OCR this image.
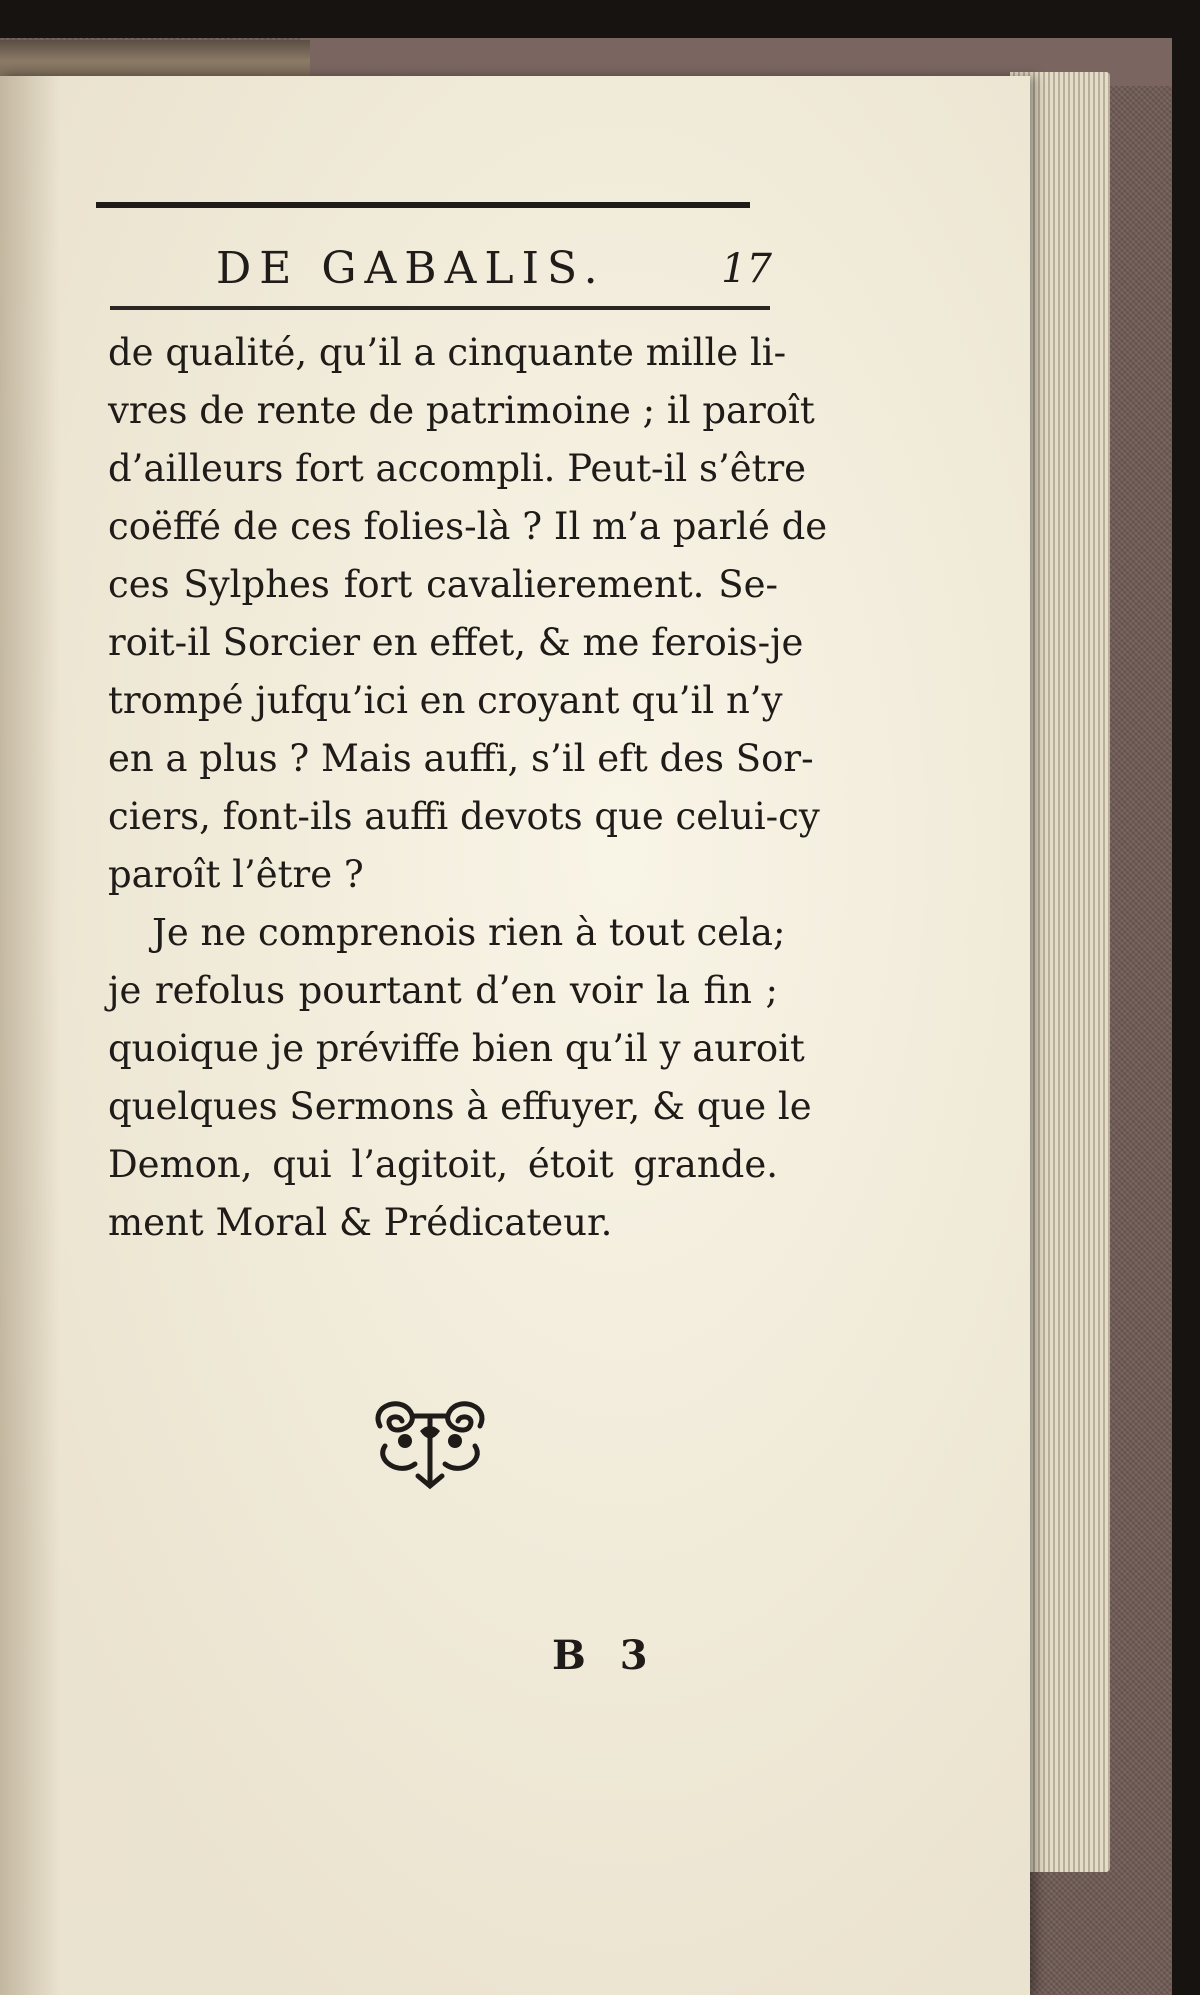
DE GABALIS.	17
de qualité, qu’il a cinquante mille li-
vres de rente de patrimoine ; il paroît
d’ailleurs fort accompli. Peut-il s’être
coëffé de ces folies-là ? Il m’a parlé de
ces Sylphes fort cavalierement. Se-
roit-il Sorcier en effet, & me ferois-je
trompé jufqu’ici en croyant qu’il n’y
en a plus ? Mais auffi, s’il eft des Sor-
ciers, font-ils auffi devots que celui-cy
paroît l’être ?
Je ne comprenois rien à tout cela;
je refolus pourtant d’en voir la fin ;
quoique je préviffe bien qu’il y auroit
quelques Sermons à effuyer, & que le
Demon, qui l’agitoit, étoit grande.
ment Moral & Prédicateur.
B 3
